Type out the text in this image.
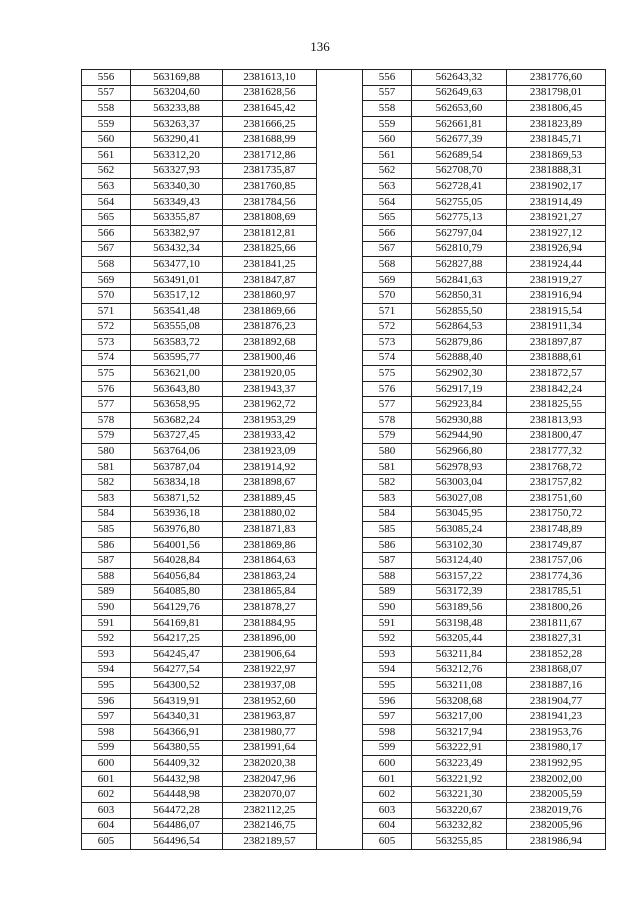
136
556	563169,88	2381613,10		556	562643,32	2381776,60
557	563204,60	2381628,56		557	562649,63	2381798,01
558	563233,88	2381645,42		558	562653,60	2381806,45
559	563263,37	2381666,25		559	562661,81	2381823,89
560	563290,41	2381688,99		560	562677,39	2381845,71
561	563312,20	2381712,86		561	562689,54	2381869,53
562	563327,93	2381735,87		562	562708,70	2381888,31
563	563340,30	2381760,85		563	562728,41	2381902,17
564	563349,43	2381784,56		564	562755,05	2381914,49
565	563355,87	2381808,69		565	562775,13	2381921,27
566	563382,97	2381812,81		566	562797,04	2381927,12
567	563432,34	2381825,66		567	562810,79	2381926,94
568	563477,10	2381841,25		568	562827,88	2381924,44
569	563491,01	2381847,87		569	562841,63	2381919,27
570	563517,12	2381860,97		570	562850,31	2381916,94
571	563541,48	2381869,66		571	562855,50	2381915,54
572	563555,08	2381876,23		572	562864,53	2381911,34
573	563583,72	2381892,68		573	562879,86	2381897,87
574	563595,77	2381900,46		574	562888,40	2381888,61
575	563621,00	2381920,05		575	562902,30	2381872,57
576	563643,80	2381943,37		576	562917,19	2381842,24
577	563658,95	2381962,72		577	562923,84	2381825,55
578	563682,24	2381953,29		578	562930,88	2381813,93
579	563727,45	2381933,42		579	562944,90	2381800,47
580	563764,06	2381923,09		580	562966,80	2381777,32
581	563787,04	2381914,92		581	562978,93	2381768,72
582	563834,18	2381898,67		582	563003,04	2381757,82
583	563871,52	2381889,45		583	563027,08	2381751,60
584	563936,18	2381880,02		584	563045,95	2381750,72
585	563976,80	2381871,83		585	563085,24	2381748,89
586	564001,56	2381869,86		586	563102,30	2381749,87
587	564028,84	2381864,63		587	563124,40	2381757,06
588	564056,84	2381863,24		588	563157,22	2381774,36
589	564085,80	2381865,84		589	563172,39	2381785,51
590	564129,76	2381878,27		590	563189,56	2381800,26
591	564169,81	2381884,95		591	563198,48	2381811,67
592	564217,25	2381896,00		592	563205,44	2381827,31
593	564245,47	2381906,64		593	563211,84	2381852,28
594	564277,54	2381922,97		594	563212,76	2381868,07
595	564300,52	2381937,08		595	563211,08	2381887,16
596	564319,91	2381952,60		596	563208,68	2381904,77
597	564340,31	2381963,87		597	563217,00	2381941,23
598	564366,91	2381980,77		598	563217,94	2381953,76
599	564380,55	2381991,64		599	563222,91	2381980,17
600	564409,32	2382020,38		600	563223,49	2381992,95
601	564432,98	2382047,96		601	563221,92	2382002,00
602	564448,98	2382070,07		602	563221,30	2382005,59
603	564472,28	2382112,25		603	563220,67	2382019,76
604	564486,07	2382146,75		604	563232,82	2382005,96
605	564496,54	2382189,57		605	563255,85	2381986,94
